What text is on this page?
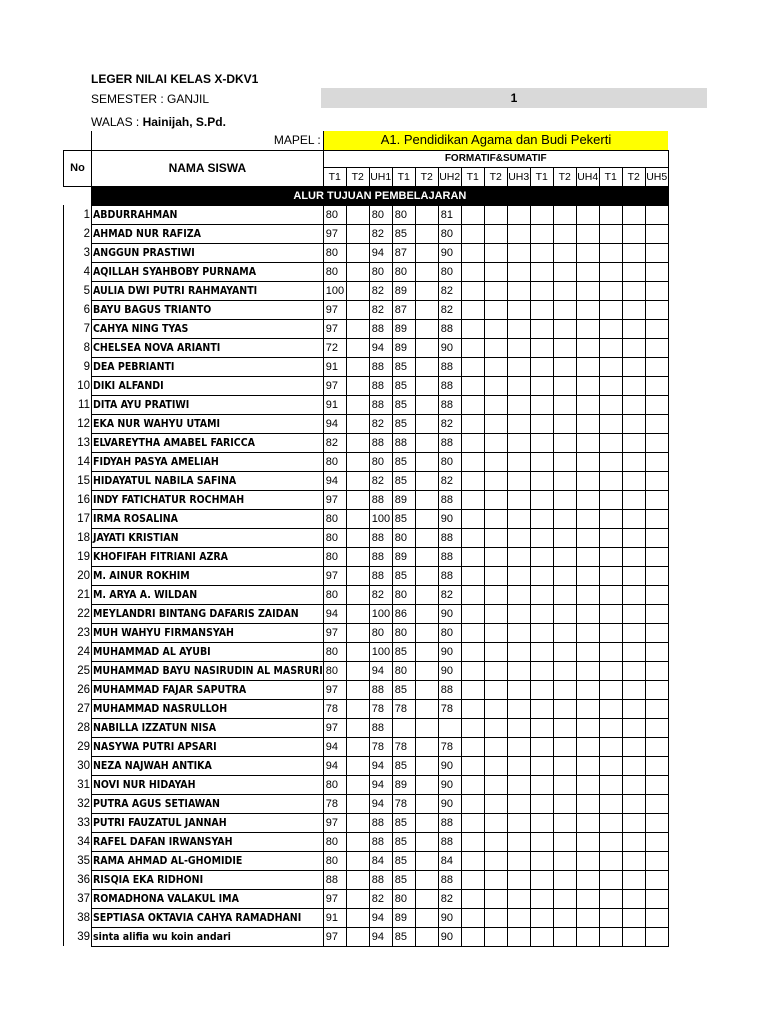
LEGER NILAI KELAS X-DKV1
SEMESTER : GANJIL
WALAS : Hainijah, S.Pd.
1
	MAPEL :	A1. Pendidikan Agama dan Budi Pekerti														
No	NAMA SISWA	FORMATIF&SUMATIF														
		T1	T2	UH1	T1	T2	UH2	T1	T2	UH3	T1	T2	UH4	T1	T2	UH5
	ALUR TUJUAN PEMBELAJARAN															
1	ABDURRAHMAN	80		80	80		81									
2	AHMAD NUR RAFIZA	97		82	85		80									
3	ANGGUN PRASTIWI	80		94	87		90									
4	AQILLAH SYAHBOBY PURNAMA	80		80	80		80									
5	AULIA DWI PUTRI RAHMAYANTI	100		82	89		82									
6	BAYU BAGUS TRIANTO	97		82	87		82									
7	CAHYA NING TYAS	97		88	89		88									
8	CHELSEA NOVA ARIANTI	72		94	89		90									
9	DEA PEBRIANTI	91		88	85		88									
10	DIKI ALFANDI	97		88	85		88									
11	DITA AYU PRATIWI	91		88	85		88									
12	EKA NUR WAHYU UTAMI	94		82	85		82									
13	ELVAREYTHA AMABEL FARICCA	82		88	88		88									
14	FIDYAH PASYA AMELIAH	80		80	85		80									
15	HIDAYATUL NABILA SAFINA	94		82	85		82									
16	INDY FATICHATUR ROCHMAH	97		88	89		88									
17	IRMA ROSALINA	80		100	85		90									
18	JAYATI KRISTIAN	80		88	80		88									
19	KHOFIFAH FITRIANI AZRA	80		88	89		88									
20	M. AINUR ROKHIM	97		88	85		88									
21	M. ARYA A. WILDAN	80		82	80		82									
22	MEYLANDRI BINTANG DAFARIS ZAIDAN	94		100	86		90									
23	MUH WAHYU FIRMANSYAH	97		80	80		80									
24	MUHAMMAD AL AYUBI	80		100	85		90									
25	MUHAMMAD BAYU NASIRUDIN AL MASRURI	80		94	80		90									
26	MUHAMMAD FAJAR SAPUTRA	97		88	85		88									
27	MUHAMMAD NASRULLOH	78		78	78		78									
28	NABILLA IZZATUN NISA	97		88												
29	NASYWA PUTRI APSARI	94		78	78		78									
30	NEZA NAJWAH ANTIKA	94		94	85		90									
31	NOVI NUR HIDAYAH	80		94	89		90									
32	PUTRA AGUS SETIAWAN	78		94	78		90									
33	PUTRI FAUZATUL JANNAH	97		88	85		88									
34	RAFEL DAFAN IRWANSYAH	80		88	85		88									
35	RAMA AHMAD AL-GHOMIDIE	80		84	85		84									
36	RISQIA EKA RIDHONI	88		88	85		88									
37	ROMADHONA VALAKUL IMA	97		82	80		82									
38	SEPTIASA OKTAVIA CAHYA RAMADHANI	91		94	89		90									
39	sinta alifia wu koin andari	97		94	85		90									
